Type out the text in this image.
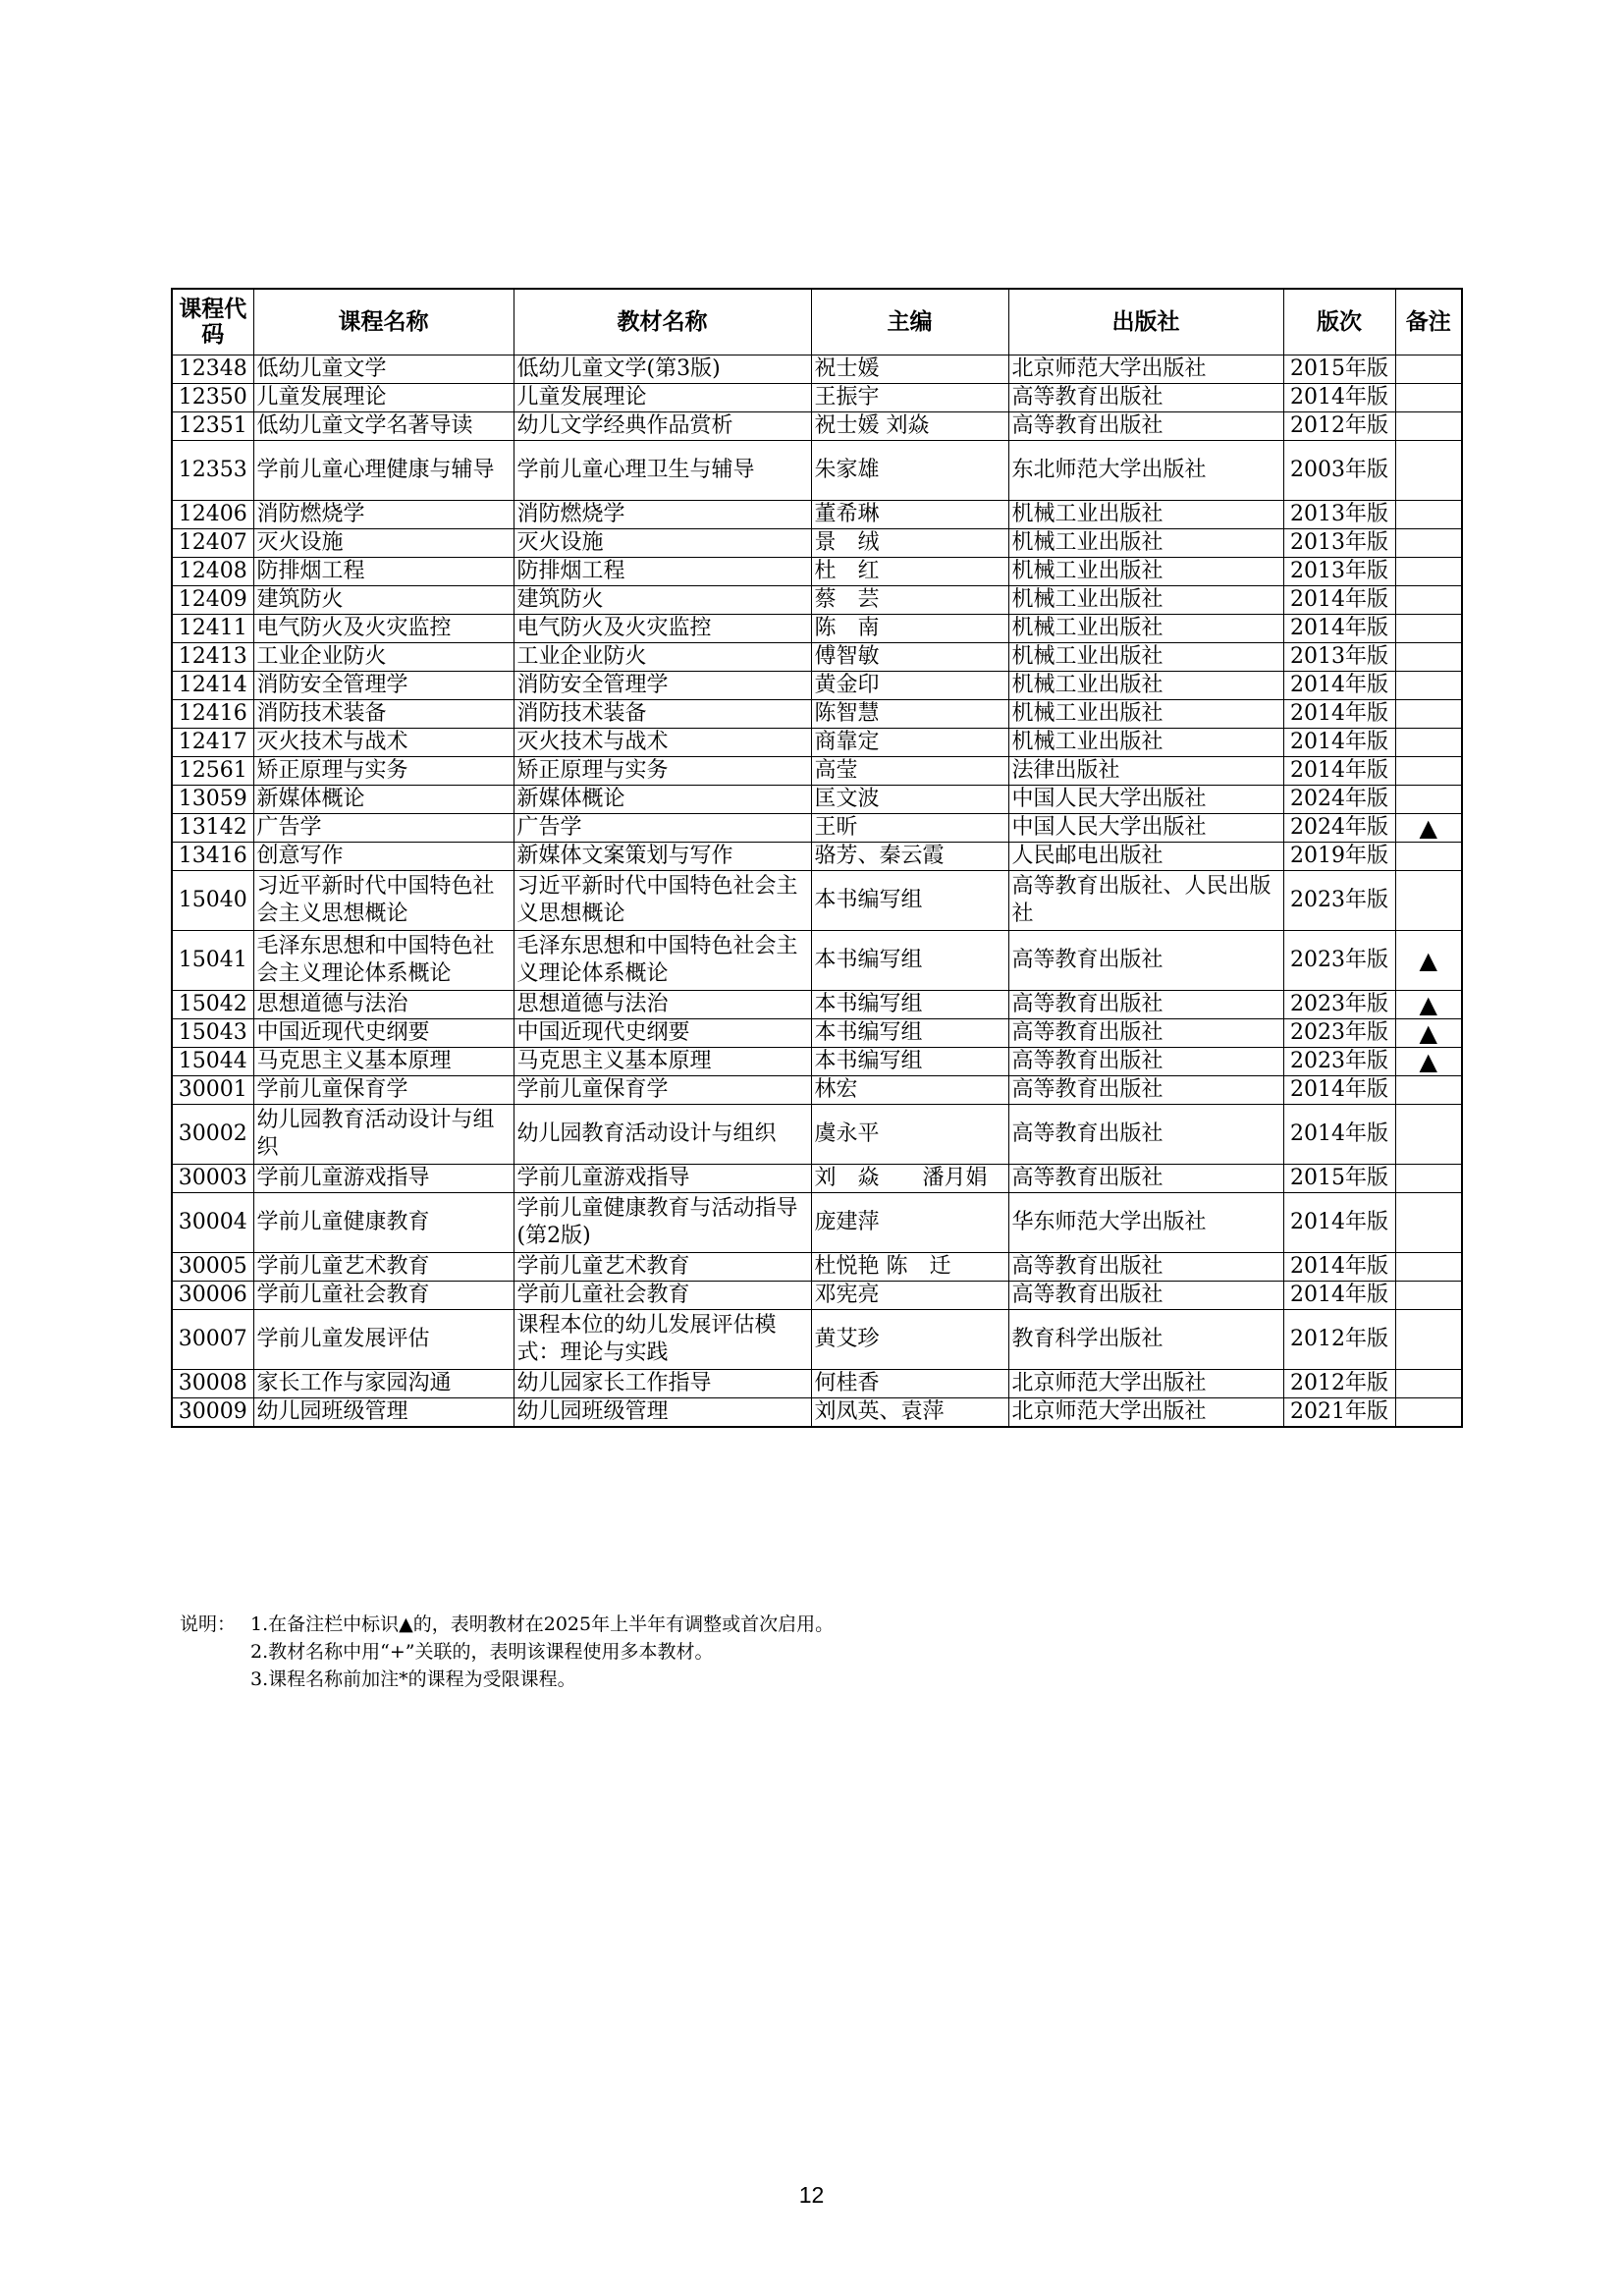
课程代码	课程名称	教材名称	主编	出版社	版次	备注
12348	低幼儿童文学	低幼儿童文学(第3版)	祝士媛	北京师范大学出版社	2015年版	
12350	儿童发展理论	儿童发展理论	王振宇	高等教育出版社	2014年版	
12351	低幼儿童文学名著导读	幼儿文学经典作品赏析	祝士媛 刘焱	高等教育出版社	2012年版	
12353	学前儿童心理健康与辅导	学前儿童心理卫生与辅导	朱家雄	东北师范大学出版社	2003年版	
12406	消防燃烧学	消防燃烧学	董希琳	机械工业出版社	2013年版	
12407	灭火设施	灭火设施	景　绒	机械工业出版社	2013年版	
12408	防排烟工程	防排烟工程	杜　红	机械工业出版社	2013年版	
12409	建筑防火	建筑防火	蔡　芸	机械工业出版社	2014年版	
12411	电气防火及火灾监控	电气防火及火灾监控	陈　南	机械工业出版社	2014年版	
12413	工业企业防火	工业企业防火	傅智敏	机械工业出版社	2013年版	
12414	消防安全管理学	消防安全管理学	黄金印	机械工业出版社	2014年版	
12416	消防技术装备	消防技术装备	陈智慧	机械工业出版社	2014年版	
12417	灭火技术与战术	灭火技术与战术	商靠定	机械工业出版社	2014年版	
12561	矫正原理与实务	矫正原理与实务	高莹	法律出版社	2014年版	
13059	新媒体概论	新媒体概论	匡文波	中国人民大学出版社	2024年版	
13142	广告学	广告学	王昕	中国人民大学出版社	2024年版	▲
13416	创意写作	新媒体文案策划与写作	骆芳、秦云霞	人民邮电出版社	2019年版	
15040	习近平新时代中国特色社会主义思想概论	习近平新时代中国特色社会主义思想概论	本书编写组	高等教育出版社、人民出版社	2023年版	
15041	毛泽东思想和中国特色社会主义理论体系概论	毛泽东思想和中国特色社会主义理论体系概论	本书编写组	高等教育出版社	2023年版	▲
15042	思想道德与法治	思想道德与法治	本书编写组	高等教育出版社	2023年版	▲
15043	中国近现代史纲要	中国近现代史纲要	本书编写组	高等教育出版社	2023年版	▲
15044	马克思主义基本原理	马克思主义基本原理	本书编写组	高等教育出版社	2023年版	▲
30001	学前儿童保育学	学前儿童保育学	林宏	高等教育出版社	2014年版	
30002	幼儿园教育活动设计与组织	幼儿园教育活动设计与组织	虞永平	高等教育出版社	2014年版	
30003	学前儿童游戏指导	学前儿童游戏指导	刘　焱　　潘月娟	高等教育出版社	2015年版	
30004	学前儿童健康教育	学前儿童健康教育与活动指导(第2版)	庞建萍	华东师范大学出版社	2014年版	
30005	学前儿童艺术教育	学前儿童艺术教育	杜悦艳 陈　迁	高等教育出版社	2014年版	
30006	学前儿童社会教育	学前儿童社会教育	邓宪亮	高等教育出版社	2014年版	
30007	学前儿童发展评估	课程本位的幼儿发展评估模式：理论与实践	黄艾珍	教育科学出版社	2012年版	
30008	家长工作与家园沟通	幼儿园家长工作指导	何桂香	北京师范大学出版社	2012年版	
30009	幼儿园班级管理	幼儿园班级管理	刘凤英、袁萍	北京师范大学出版社	2021年版	
说明： 1.在备注栏中标识▲的，表明教材在2025年上半年有调整或首次启用。
2.教材名称中用“+”关联的，表明该课程使用多本教材。
3.课程名称前加注*的课程为受限课程。
12
